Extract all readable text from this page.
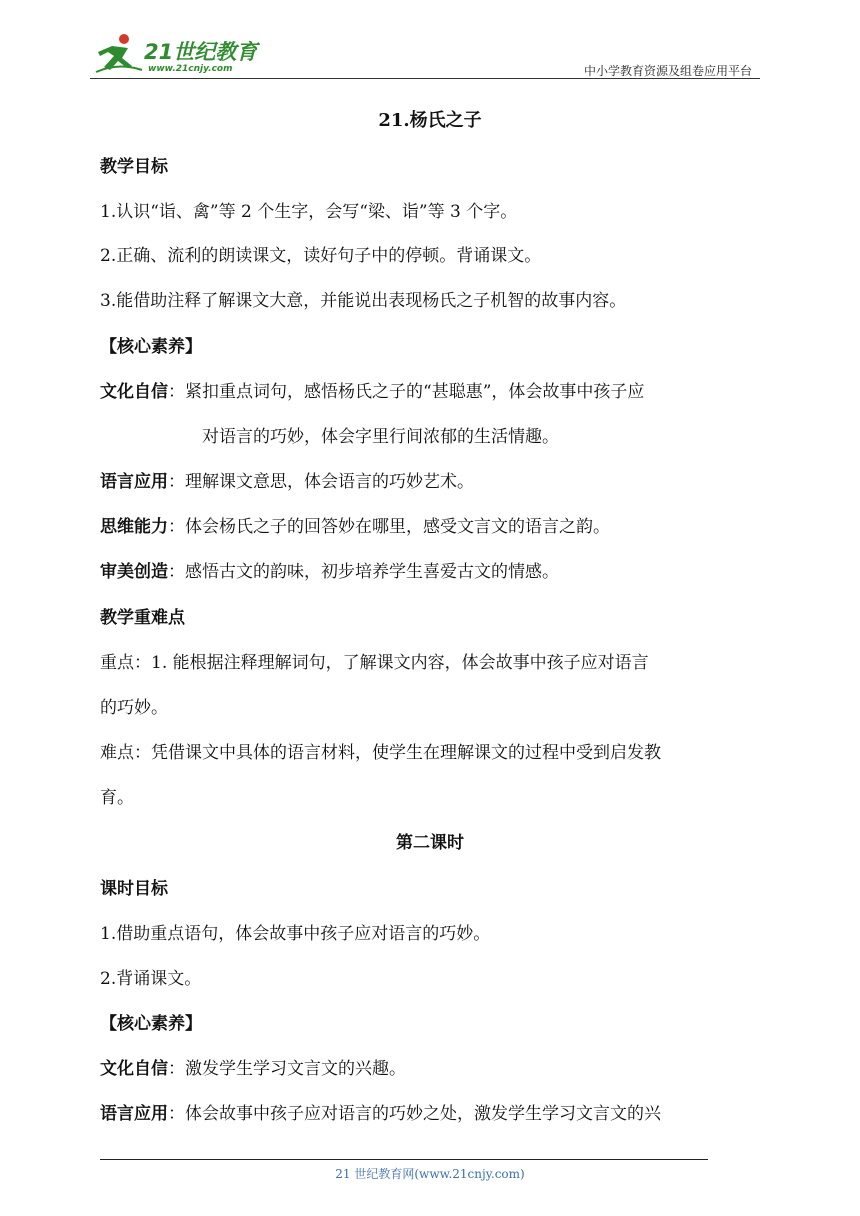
21世纪教育
www.21cnjy.com	中小学教育资源及组卷应用平台
21.杨氏之子
教学目标
1.认识“诣、禽”等 2 个生字，会写“梁、诣”等 3 个字。
2.正确、流利的朗读课文，读好句子中的停顿。背诵课文。
3.能借助注释了解课文大意，并能说出表现杨氏之子机智的故事内容。
【核心素养】
文化自信：紧扣重点词句，感悟杨氏之子的“甚聪惠”，体会故事中孩子应
对语言的巧妙，体会字里行间浓郁的生活情趣。
语言应用：理解课文意思，体会语言的巧妙艺术。
思维能力：体会杨氏之子的回答妙在哪里，感受文言文的语言之韵。
审美创造：感悟古文的韵味，初步培养学生喜爱古文的情感。
教学重难点
重点：1. 能根据注释理解词句，了解课文内容，体会故事中孩子应对语言
的巧妙。
难点：凭借课文中具体的语言材料，使学生在理解课文的过程中受到启发教
育。
第二课时
课时目标
1.借助重点语句，体会故事中孩子应对语言的巧妙。
2.背诵课文。
【核心素养】
文化自信：激发学生学习文言文的兴趣。
语言应用：体会故事中孩子应对语言的巧妙之处，激发学生学习文言文的兴
21 世纪教育网(www.21cnjy.com)
